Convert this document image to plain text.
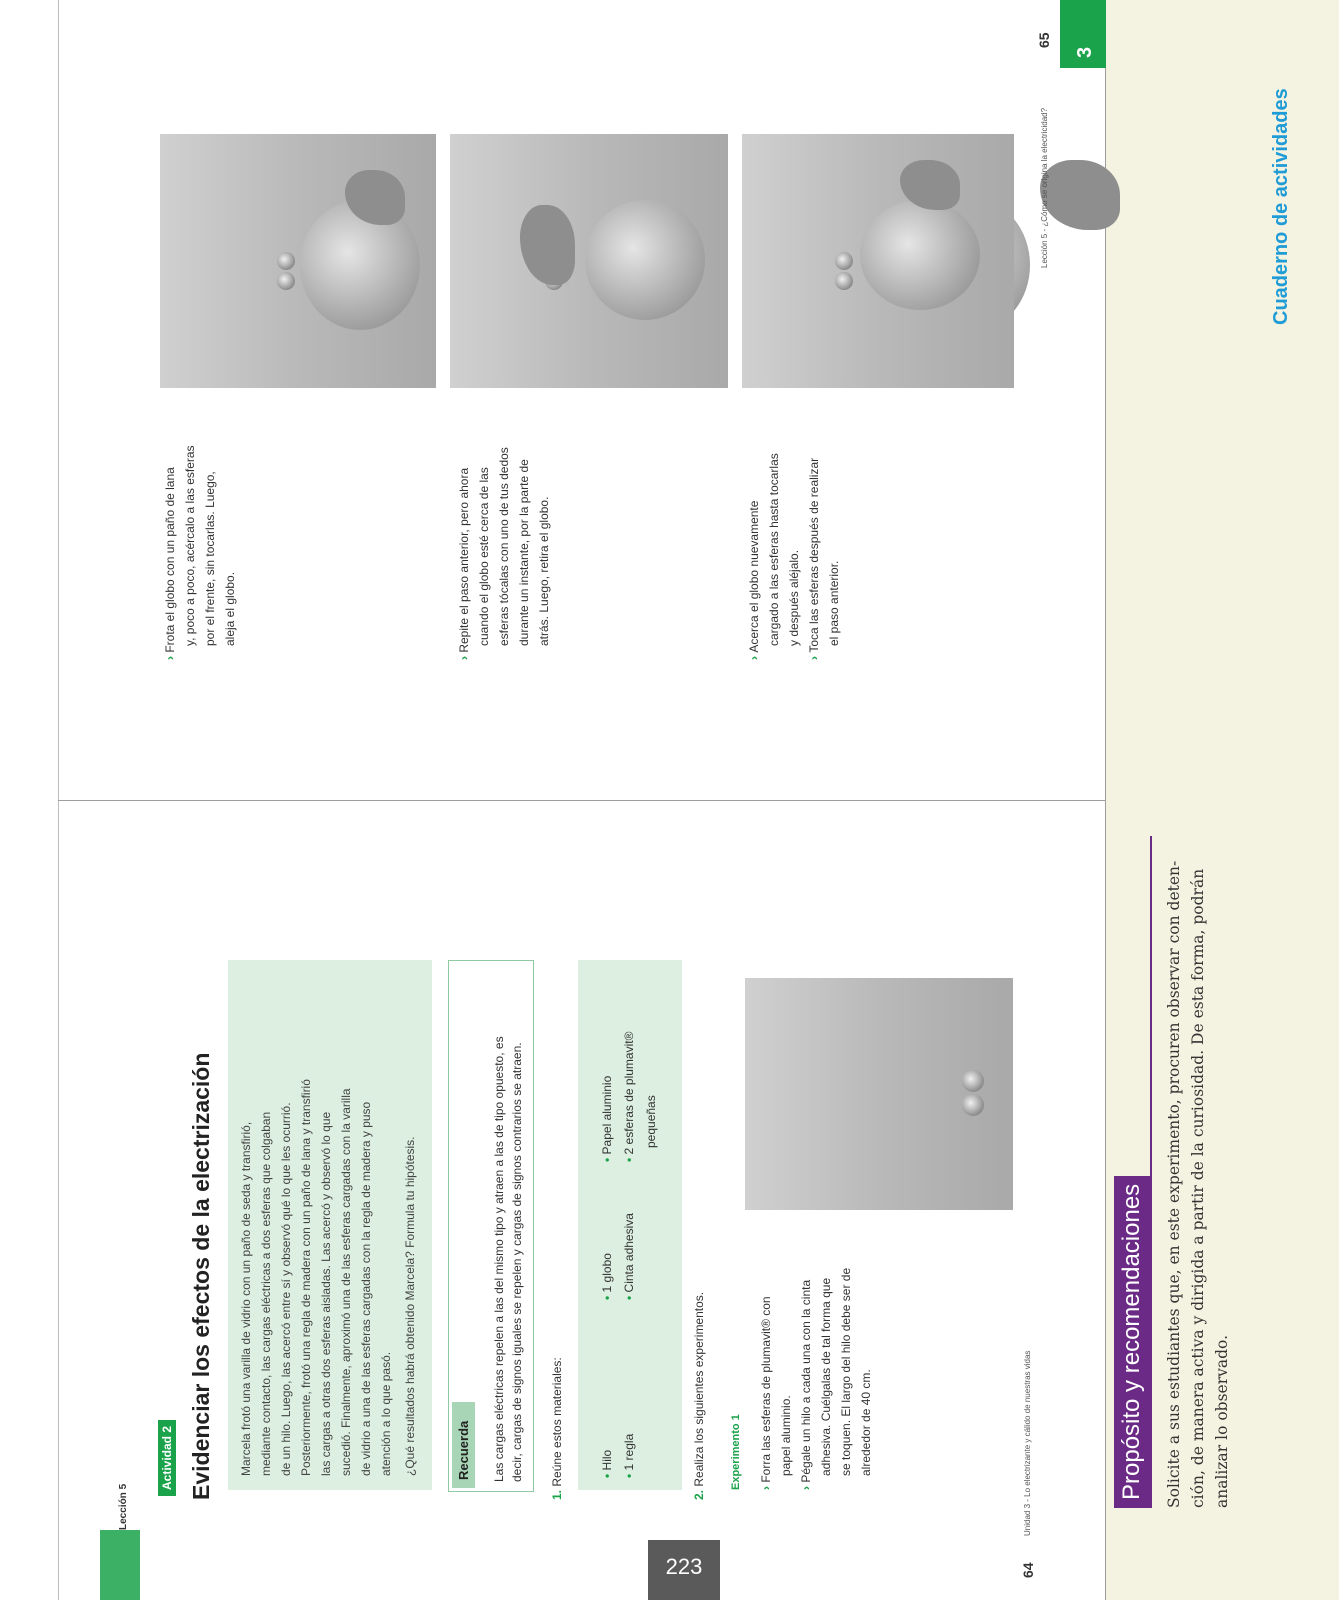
Lección 5
Actividad 2 Evidenciar los efectos de la electrización Marcela frotó una varilla de vidrio con un paño de seda y transfirió, mediante contacto, las cargas eléctricas a dos esferas que colgaban de un hilo. Luego, las acercó entre sí y observó qué lo que les ocurrió. Posteriormente, frotó una regla de madera con un paño de lana y transfirió las cargas a otras dos esferas aisladas. Las acercó y observó lo que sucedió. Finalmente, aproximó una de las esferas cargadas con la varilla de vidrio a una de las esferas cargadas con la regla de madera y puso atención a lo que pasó. ¿Qué resultados habrá obtenido Marcela? Formula tu hipótesis.	Recuerda	Las cargas eléctricas repelen a las del mismo tipo y atraen a las de tipo opuesto, es decir, cargas de signos iguales se repelen y cargas de signos contrarios se atraen.
1. Reúne estos materiales:	• Hilo
• 1 regla
• 1 globo
• Cinta adhesiva
• Papel aluminio
• 2 esferas de plumavit® pequeñas
2. Realiza los siguientes experimentos. Experimento 1 › Forra las esferas de plumavit® con papel aluminio.
› Pégale un hilo a cada una con la cinta adhesiva. Cuélgalas de tal forma que se toquen. El largo del hilo debe ser de alrededor de 40 cm.
64
Unidad 3 - Lo electrizante y cálido de nuestras vidas
223
3
› Frota el globo con un paño de lana y, poco a poco, acércalo a las esferas por el frente, sin tocarlas. Luego, aleja el globo.
› Repite el paso anterior, pero ahora cuando el globo esté cerca de las esferas tócalas con uno de tus dedos durante un instante, por la parte de atrás. Luego, retira el globo.
› Acerca el globo nuevamente cargado a las esferas hasta tocarlas y después aléjalo.
› Toca las esferas después de realizar el paso anterior.
Lección 5 - ¿Cómo se origina la electricidad?
65
Propósito y recomendaciones	Solicite a sus estudiantes que, en este experimento, procuren observar con deten- ción, de manera activa y dirigida a partir de la curiosidad. De esta forma, podrán analizar lo observado.
Cuaderno de actividades
